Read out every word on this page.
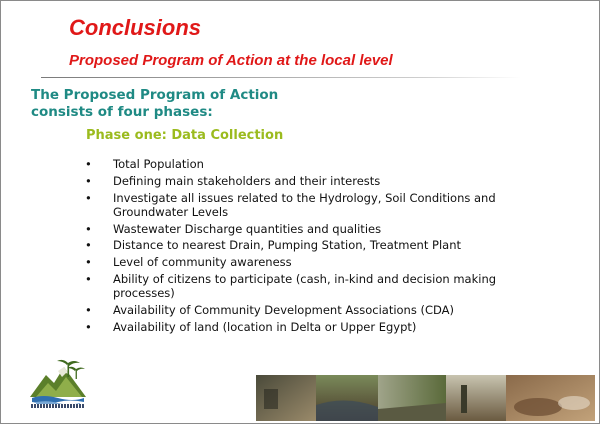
Conclusions
Proposed Program of Action at the local level
The Proposed Program of Action
consists of four phases:
Phase one: Data Collection
• Total Population
• Defining main stakeholders and their interests
• Investigate all issues related to the Hydrology, Soil Conditions and Groundwater Levels
• Wastewater Discharge quantities and qualities
• Distance to nearest Drain, Pumping Station, Treatment Plant
• Level of community awareness
• Ability of citizens to participate (cash, in-kind and decision making processes)
• Availability of Community Development Associations (CDA)
• Availability of land (location in Delta or Upper Egypt)
